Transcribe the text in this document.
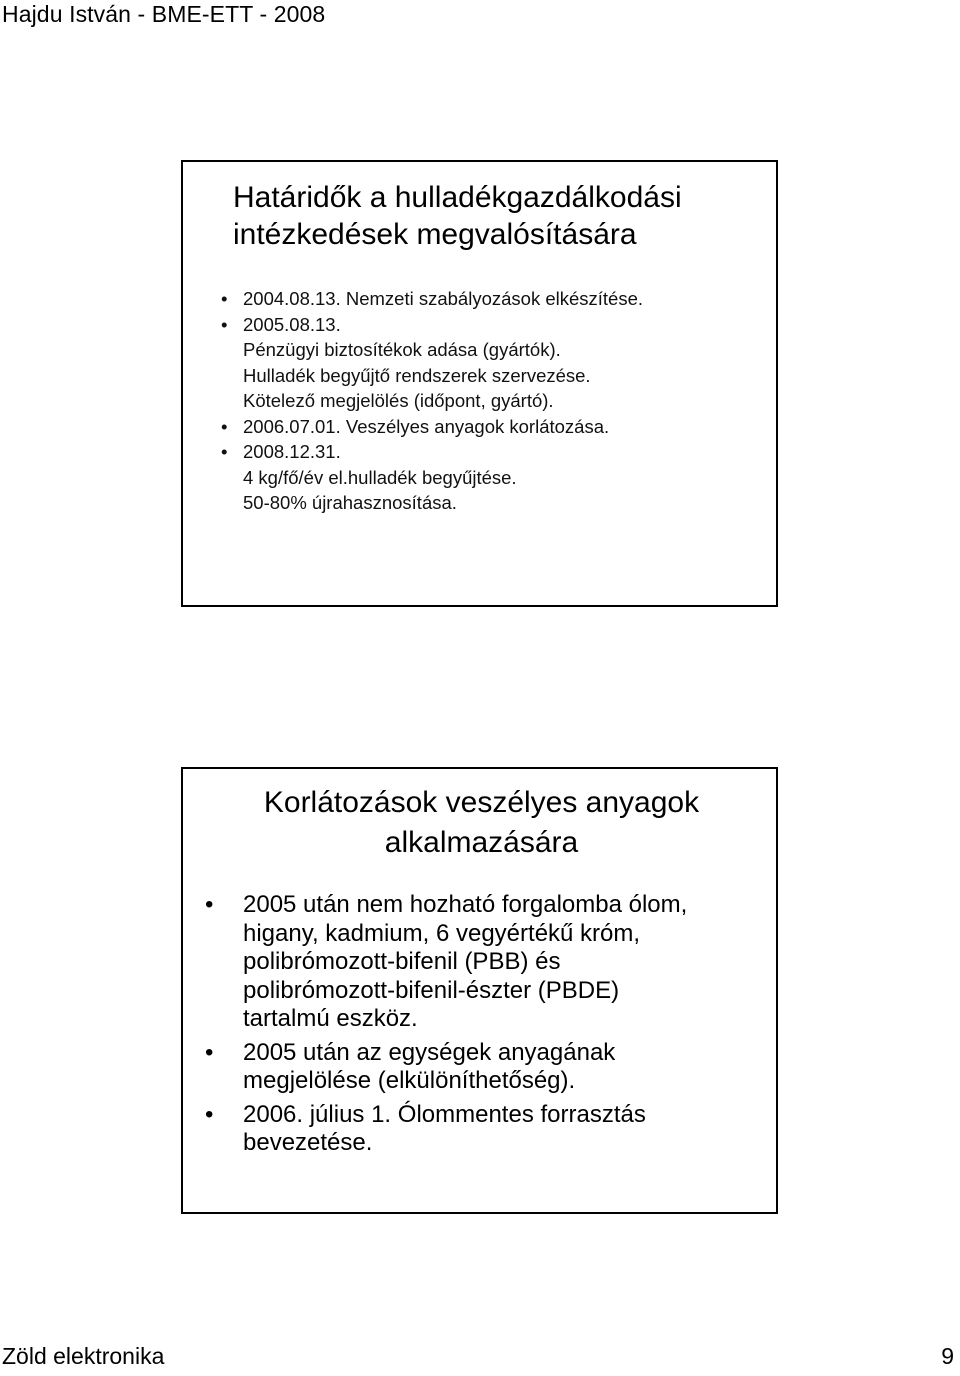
Hajdu István - BME-ETT - 2008
Határidők a hulladékgazdálkodási
intézkedések megvalósítására
• 2004.08.13. Nemzeti szabályozások elkészítése.
• 2005.08.13.
Pénzügyi biztosítékok adása (gyártók).
Hulladék begyűjtő rendszerek szervezése.
Kötelező megjelölés (időpont, gyártó).
• 2006.07.01. Veszélyes anyagok korlátozása.
• 2008.12.31.
4 kg/fő/év el.hulladék begyűjtése.
50-80% újrahasznosítása.
Korlátozások veszélyes anyagok
alkalmazására
• 2005 után nem hozható forgalomba ólom,
higany, kadmium, 6 vegyértékű króm,
polibrómozott-bifenil (PBB) és
polibrómozott-bifenil-észter (PBDE)
tartalmú eszköz.
• 2005 után az egységek anyagának
megjelölése (elkülöníthetőség).
• 2006. július 1. Ólommentes forrasztás
bevezetése.
Zöld elektronika	9
